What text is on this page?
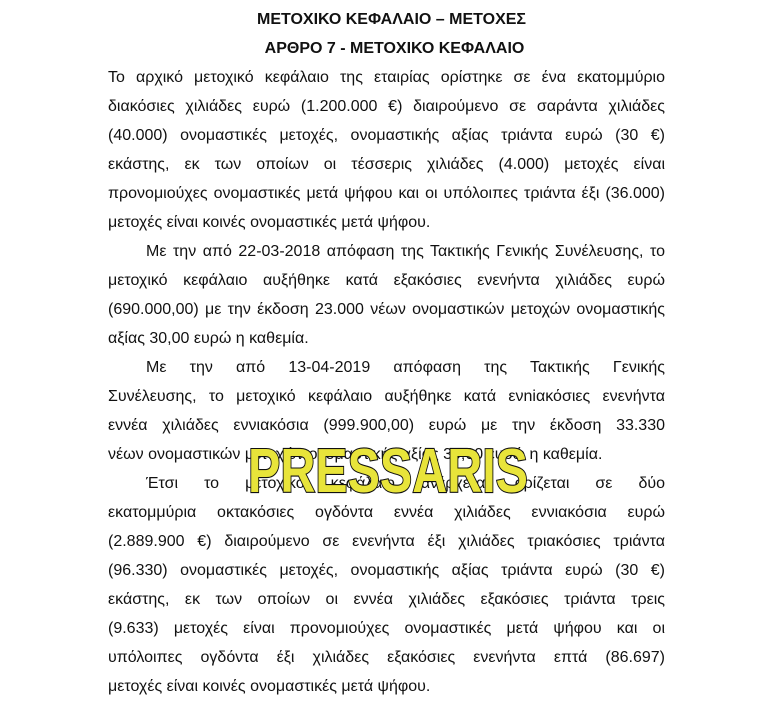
ΜΕΤΟΧΙΚΟ ΚΕΦΑΛΑΙΟ – ΜΕΤΟΧΕΣ
ΑΡΘΡΟ 7 - ΜΕΤΟΧΙΚΟ ΚΕΦΑΛΑΙΟ
Το αρχικό μετοχικό κεφάλαιο της εταιρίας ορίστηκε σε ένα εκατομμύριο
διακόσιες χιλιάδες ευρώ (1.200.000 €) διαιρούμενο σε σαράντα χιλιάδες
(40.000) ονομαστικές μετοχές, ονομαστικής αξίας τριάντα ευρώ (30 €)
εκάστης, εκ των οποίων οι τέσσερις χιλιάδες (4.000) μετοχές είναι
προνομιούχες ονομαστικές μετά ψήφου και οι υπόλοιπες τριάντα έξι (36.000)
μετοχές είναι κοινές ονομαστικές μετά ψήφου.
Με την από 22-03-2018 απόφαση της Τακτικής Γενικής Συνέλευσης, το
μετοχικό κεφάλαιο αυξήθηκε κατά εξακόσιες ενενήντα χιλιάδες ευρώ
(690.000,00) με την έκδοση 23.000 νέων ονομαστικών μετοχών ονομαστικής
αξίας 30,00 ευρώ η καθεμία.
Με την από 13-04-2019 απόφαση της Τακτικής Γενικής
Συνέλευσης, το μετοχικό κεφάλαιο αυξήθηκε κατά ενniακόσιες ενενήντα
εννέα χιλιάδες εννιακόσια (999.900,00) ευρώ με την έκδοση 33.330
νέων ονομαστικών μετοχών ονομαστικής αξίας 30,00 ευρώ η καθεμία.
Έτσι το μετοχικό κεφάλαιο ανέρχεται ορίζεται σε δύο
εκατομμύρια οκτακόσιες ογδόντα εννέα χιλιάδες εννιακόσια ευρώ
(2.889.900 €) διαιρούμενο σε ενενήντα έξι χιλιάδες τριακόσιες τριάντα
(96.330) ονομαστικές μετοχές, ονομαστικής αξίας τριάντα ευρώ (30 €)
εκάστης, εκ των οποίων οι εννέα χιλιάδες εξακόσιες τριάντα τρεις
(9.633) μετοχές είναι προνομιούχες ονομαστικές μετά ψήφου και οι
υπόλοιπες ογδόντα έξι χιλιάδες εξακόσιες ενενήντα επτά (86.697)
μετοχές είναι κοινές ονομαστικές μετά ψήφου.
PRESSARIS
